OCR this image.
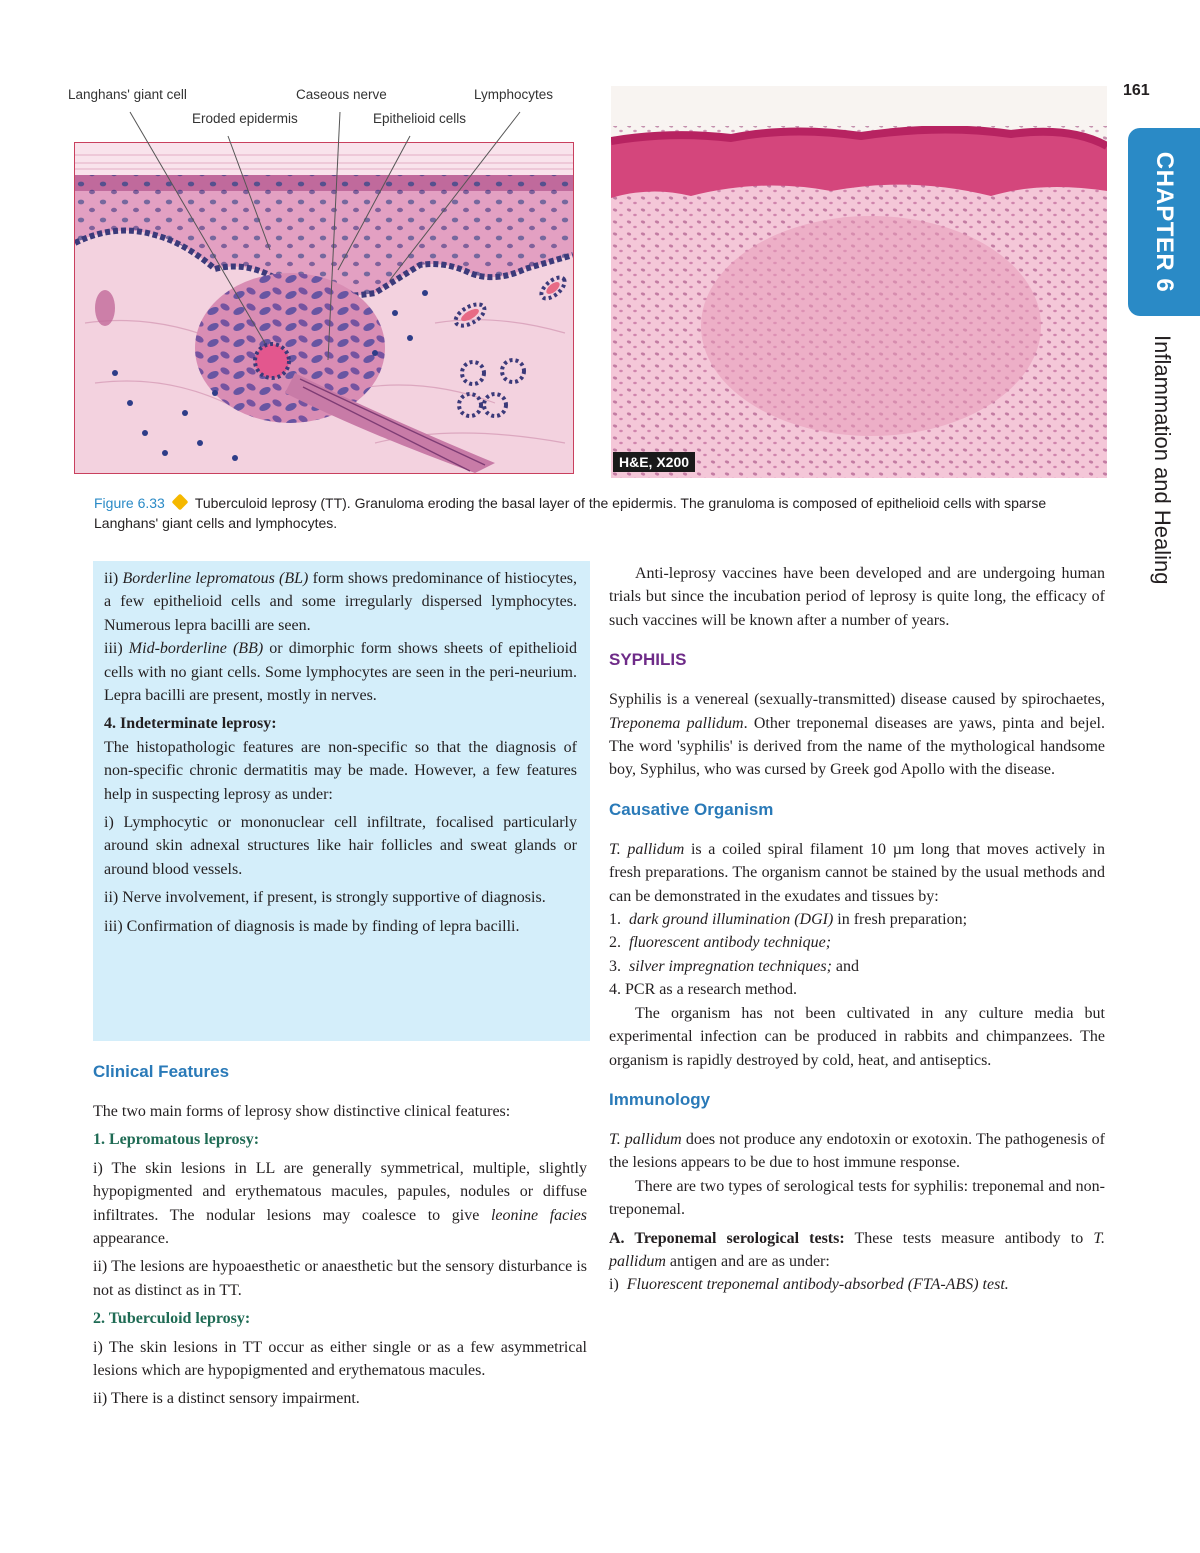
161
CHAPTER 6
Inflammation and Healing
Langhans' giant cell	Caseous nerve	Lymphocytes
Eroded epidermis	Epithelioid cells
H&E, X200
Figure 6.33 Tuberculoid leprosy (TT). Granuloma eroding the basal layer of the epidermis. The granuloma is composed of epithelioid cells with sparse Langhans' giant cells and lymphocytes.

ii) Borderline lepromatous (BL) form shows predominance of histiocytes, a few epithelioid cells and some irregularly dispersed lymphocytes. Numerous lepra bacilli are seen.

iii) Mid-borderline (BB) or dimorphic form shows sheets of epithelioid cells with no giant cells. Some lymphocytes are seen in the peri-neurium. Lepra bacilli are present, mostly in nerves.

4. Indeterminate leprosy:

The histopathologic features are non-specific so that the diagnosis of non-specific chronic dermatitis may be made. However, a few features help in suspecting leprosy as under:

i) Lymphocytic or mononuclear cell infiltrate, focalised particularly around skin adnexal structures like hair follicles and sweat glands or around blood vessels.

ii) Nerve involvement, if present, is strongly supportive of diagnosis.

iii) Confirmation of diagnosis is made by finding of lepra bacilli.

Clinical Features

The two main forms of leprosy show distinctive clinical features:

1. Lepromatous leprosy:

i) The skin lesions in LL are generally symmetrical, multiple, slightly hypopigmented and erythematous macules, papules, nodules or diffuse infiltrates. The nodular lesions may coalesce to give leonine facies appearance.

ii) The lesions are hypoaesthetic or anaesthetic but the sensory disturbance is not as distinct as in TT.

2. Tuberculoid leprosy:

i) The skin lesions in TT occur as either single or as a few asymmetrical lesions which are hypopigmented and erythematous macules.

ii) There is a distinct sensory impairment.

Anti-leprosy vaccines have been developed and are undergoing human trials but since the incubation period of leprosy is quite long, the efficacy of such vaccines will be known after a number of years.

SYPHILIS

Syphilis is a venereal (sexually-transmitted) disease caused by spirochaetes, Treponema pallidum. Other treponemal diseases are yaws, pinta and bejel. The word 'syphilis' is derived from the name of the mythological handsome boy, Syphilus, who was cursed by Greek god Apollo with the disease.

Causative Organism

T. pallidum is a coiled spiral filament 10 µm long that moves actively in fresh preparations. The organism cannot be stained by the usual methods and can be demonstrated in the exudates and tissues by:

1. dark ground illumination (DGI) in fresh preparation;

2. fluorescent antibody technique;

3. silver impregnation techniques; and

4. PCR as a research method.

The organism has not been cultivated in any culture media but experimental infection can be produced in rabbits and chimpanzees. The organism is rapidly destroyed by cold, heat, and antiseptics.

Immunology

T. pallidum does not produce any endotoxin or exotoxin. The pathogenesis of the lesions appears to be due to host immune response.

There are two types of serological tests for syphilis: treponemal and non-treponemal.

A. Treponemal serological tests: These tests measure antibody to T. pallidum antigen and are as under:

i) Fluorescent treponemal antibody-absorbed (FTA-ABS) test.
